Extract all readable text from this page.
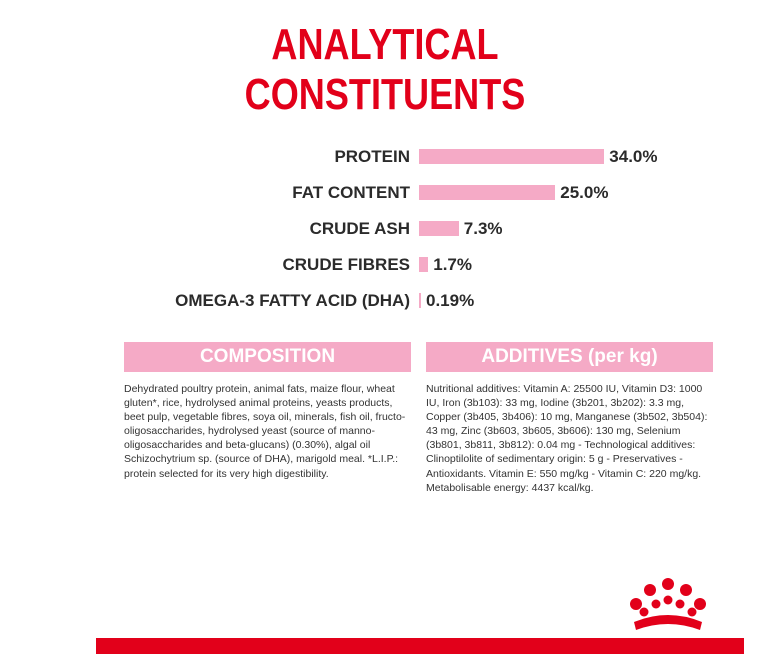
ANALYTICAL
CONSTITUENTS
PROTEIN	34.0%
FAT CONTENT	25.0%
CRUDE ASH	7.3%
CRUDE FIBRES 1.7%
OMEGA-3 FATTY ACID (DHA) 0.19%
COMPOSITION	ADDITIVES (per kg)
Dehydrated poultry protein, animal fats, maize flour, wheat gluten*, rice, hydrolysed animal proteins, yeasts products, beet pulp, vegetable fibres, soya oil, minerals, fish oil, fructo-oligosaccharides, hydrolysed yeast (source of manno-oligosaccharides and beta-glucans) (0.30%), algal oil Schizochytrium sp. (source of DHA), marigold meal. *L.I.P.: protein selected for its very high digestibility.
Nutritional additives: Vitamin A: 25500 IU, Vitamin D3: 1000 IU, Iron (3b103): 33 mg, Iodine (3b201, 3b202): 3.3 mg, Copper (3b405, 3b406): 10 mg, Manganese (3b502, 3b504): 43 mg, Zinc (3b603, 3b605, 3b606): 130 mg, Selenium (3b801, 3b811, 3b812): 0.04 mg - Technological additives: Clinoptilolite of sedimentary origin: 5 g - Preservatives - Antioxidants. Vitamin E: 550 mg/kg - Vitamin C: 220 mg/kg. Metabolisable energy: 4437 kcal/kg.
